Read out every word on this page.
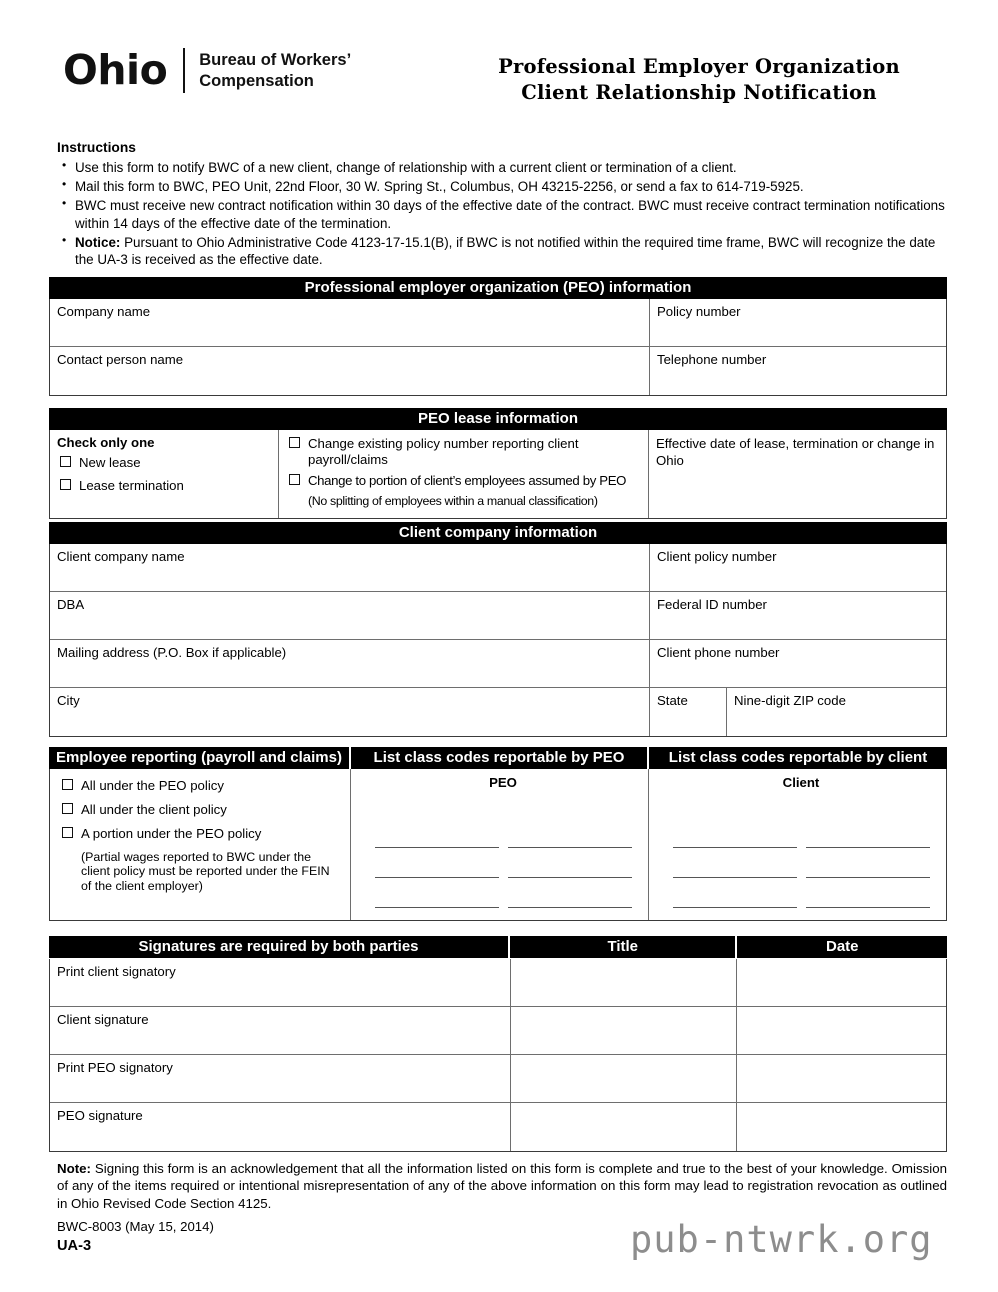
Ohio Bureau of Workers’
Compensation
Professional Employer Organization
Client Relationship Notification
Instructions
• Use this form to notify BWC of a new client, change of relationship with a current client or termination of a client.
• Mail this form to BWC, PEO Unit, 22nd Floor, 30 W. Spring St., Columbus, OH 43215-2256, or send a fax to 614-719-5925.
• BWC must receive new contract notification within 30 days of the effective date of the contract. BWC must receive contract termination notifications within 14 days of the effective date of the termination.
• Notice: Pursuant to Ohio Administrative Code 4123-17-15.1(B), if BWC is not notified within the required time frame, BWC will recognize the date the UA-3 is received as the effective date.
Professional employer organization (PEO) information
Company name	Policy number
Contact person name	Telephone number
PEO lease information
Check only one
New lease
Lease termination
Change existing policy number reporting client payroll/claims
Change to portion of client’s employees assumed by PEO
(No splitting of employees within a manual classification)
Effective date of lease, termination or change in Ohio
Client company information
Client company name	Client policy number
DBA	Federal ID number
Mailing address (P.O. Box if applicable)	Client phone number
City	State	Nine-digit ZIP code
Employee reporting (payroll and claims)	List class codes reportable by PEO	List class codes reportable by client
All under the PEO policy
All under the client policy
A portion under the PEO policy
(Partial wages reported to BWC under the client policy must be reported under the FEIN of the client employer)
PEO	Client
Signatures are required by both parties	Title	Date
Print client signatory
Client signature
Print PEO signatory
PEO signature
Note: Signing this form is an acknowledgement that all the information listed on this form is complete and true to the best of your knowledge. Omission of any of the items required or intentional misrepresentation of any of the above information on this form may lead to registration revocation as outlined in Ohio Revised Code Section 4125.
BWC-8003 (May 15, 2014)
UA-3	pub-ntwrk.org
